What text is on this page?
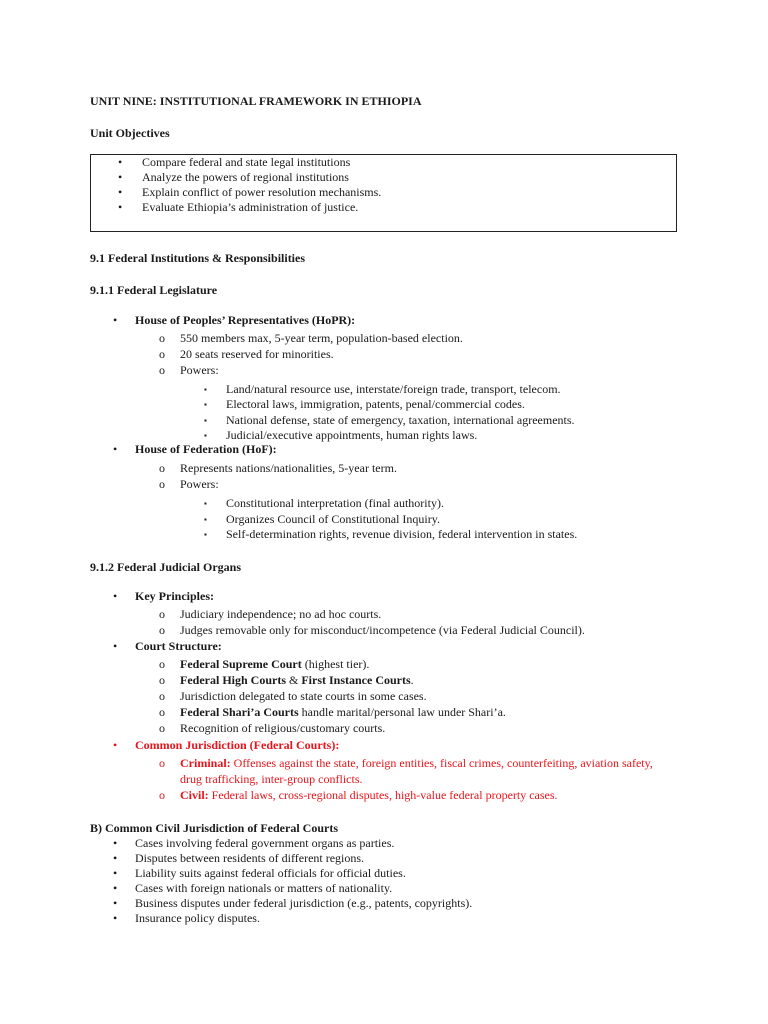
UNIT NINE: INSTITUTIONAL FRAMEWORK IN ETHIOPIA
Unit Objectives
• Compare federal and state legal institutions
• Analyze the powers of regional institutions
• Explain conflict of power resolution mechanisms.
• Evaluate Ethiopia’s administration of justice.
9.1 Federal Institutions & Responsibilities
9.1.1 Federal Legislature
• House of Peoples’ Representatives (HoPR):
o 550 members max, 5-year term, population-based election.
o 20 seats reserved for minorities.
o Powers:
▪ Land/natural resource use, interstate/foreign trade, transport, telecom.
▪ Electoral laws, immigration, patents, penal/commercial codes.
▪ National defense, state of emergency, taxation, international agreements.
▪ Judicial/executive appointments, human rights laws.
• House of Federation (HoF):
o Represents nations/nationalities, 5-year term.
o Powers:
▪ Constitutional interpretation (final authority).
▪ Organizes Council of Constitutional Inquiry.
▪ Self-determination rights, revenue division, federal intervention in states.
9.1.2 Federal Judicial Organs
• Key Principles:
o Judiciary independence; no ad hoc courts.
o Judges removable only for misconduct/incompetence (via Federal Judicial Council).
• Court Structure:
o Federal Supreme Court (highest tier).
o Federal High Courts & First Instance Courts.
o Jurisdiction delegated to state courts in some cases.
o Federal Shari’a Courts handle marital/personal law under Shari’a.
o Recognition of religious/customary courts.
• Common Jurisdiction (Federal Courts):
o Criminal: Offenses against the state, foreign entities, fiscal crimes, counterfeiting, aviation safety,
drug trafficking, inter-group conflicts.
o Civil: Federal laws, cross-regional disputes, high-value federal property cases.
B) Common Civil Jurisdiction of Federal Courts
• Cases involving federal government organs as parties.
• Disputes between residents of different regions.
• Liability suits against federal officials for official duties.
• Cases with foreign nationals or matters of nationality.
• Business disputes under federal jurisdiction (e.g., patents, copyrights).
• Insurance policy disputes.
